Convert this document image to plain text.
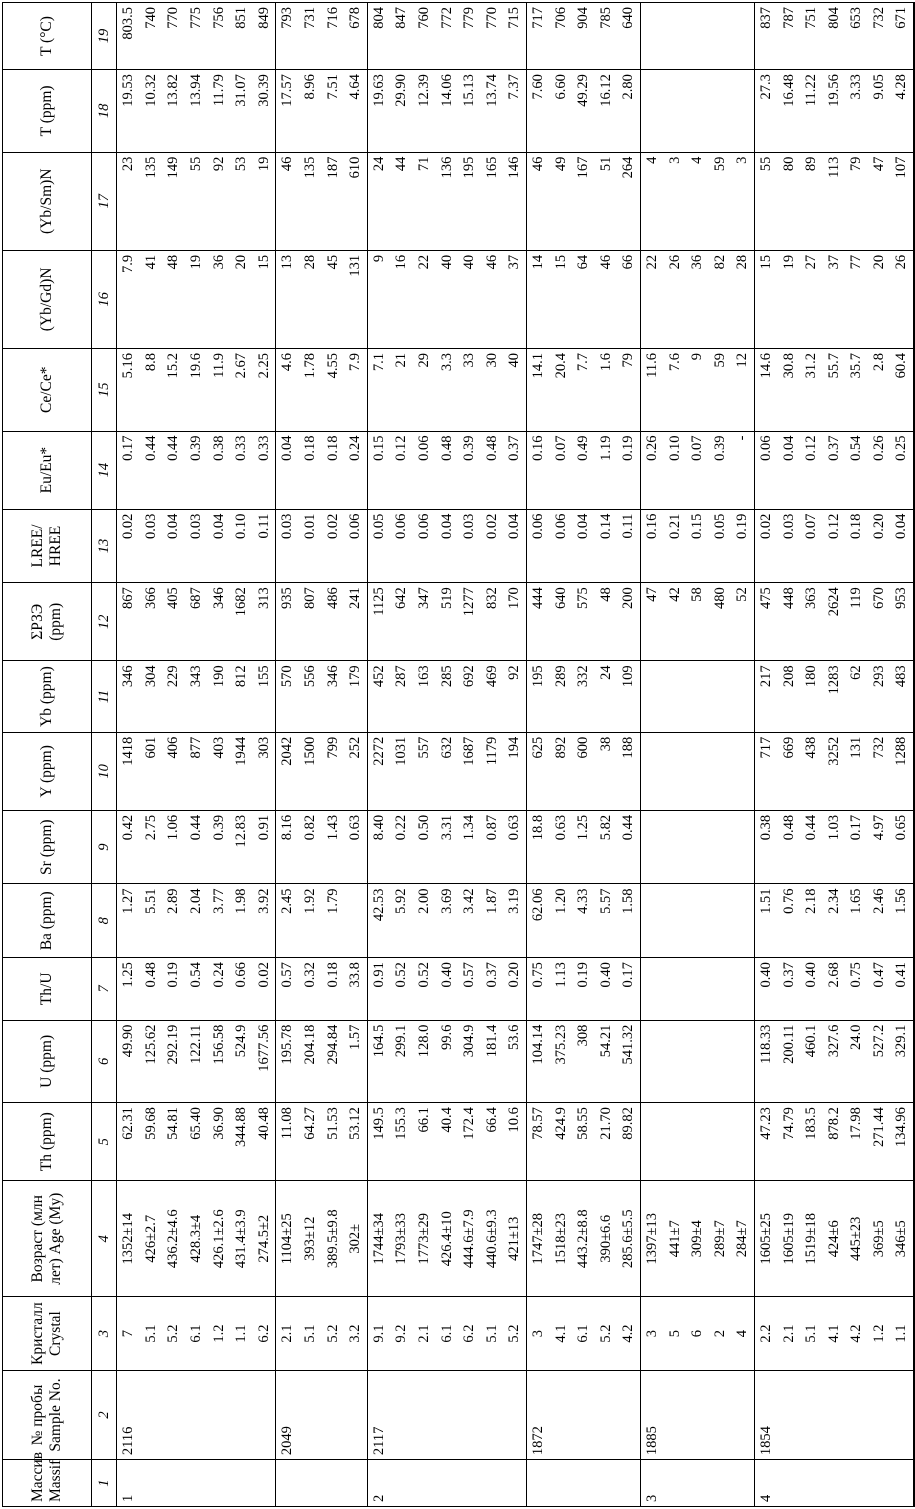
Массив Massif	№ пробы Sample No.	Кристалл Crystal	Возраст (млн лет) Age (My)	Th (ppm)	U (ppm)	Th/U	Ba (ppm)	Sr (ppm)	Y (ppm)	Yb (ppm)	ΣРЗЭ (ppm)	LREE/ HREE	Eu/Eu*	Ce/Ce*	(Yb/Gd)N	(Yb/Sm)N	T (ppm)	T (°C)
1	2	3	4	5	6	7	8	9	10	11	12	13	14	15	16	17	18	19
1	2116	7	1352±14	62.31	49.90	1.25	1.27	0.42	1418	346	867	0.02	0.17	5.16	7.9	23	19.53	803.5
		5.1	426±2.7	59.68	125.62	0.48	5.51	2.75	601	304	366	0.03	0.44	8.8	41	135	10.32	740
		5.2	436.2±4.6	54.81	292.19	0.19	2.89	1.06	406	229	405	0.04	0.44	15.2	48	149	13.82	770
		6.1	428.3±4	65.40	122.11	0.54	2.04	0.44	877	343	687	0.03	0.39	19.6	19	55	13.94	775
		1.2	426.1±2.6	36.90	156.58	0.24	3.77	0.39	403	190	346	0.04	0.38	11.9	36	92	11.79	756
		1.1	431.4±3.9	344.88	524.9	0.66	1.98	12.83	1944	812	1682	0.10	0.33	2.67	20	53	31.07	851
		6.2	274.5±2	40.48	1677.56	0.02	3.92	0.91	303	155	313	0.11	0.33	2.25	15	19	30.39	849
	2049	2.1	1104±25	11.08	195.78	0.57	2.45	8.16	2042	570	935	0.03	0.04	4.6	13	46	17.57	793
		5.1	393±12	64.27	204.18	0.32	1.92	0.82	1500	556	807	0.01	0.18	1.78	28	135	8.96	731
		5.2	389.5±9.8	51.53	294.84	0.18	1.79	1.43	799	346	486	0.02	0.18	4.55	45	187	7.51	716
		3.2	302±	53.12	1.57	33.8		0.63	252	179	241	0.06	0.24	7.9	131	610	4.64	678
2	2117	9.1	1744±34	149.5	164.5	0.91	42.53	8.40	2272	452	1125	0.05	0.15	7.1	9	24	19.63	804
		9.2	1793±33	155.3	299.1	0.52	5.92	0.22	1031	287	642	0.06	0.12	21	16	44	29.90	847
		2.1	1773±29	66.1	128.0	0.52	2.00	0.50	557	163	347	0.06	0.06	29	22	71	12.39	760
		6.1	426.4±10	40.4	99.6	0.40	3.69	3.31	632	285	519	0.04	0.48	3.3	40	136	14.06	772
		6.2	444.6±7.9	172.4	304.9	0.57	3.42	1.34	1687	692	1277	0.03	0.39	33	40	195	15.13	779
		5.1	440.6±9.3	66.4	181.4	0.37	1.87	0.87	1179	469	832	0.02	0.48	30	46	165	13.74	770
		5.2	421±13	10.6	53.6	0.20	3.19	0.63	194	92	170	0.04	0.37	40	37	146	7.37	715
	1872	3	1747±28	78.57	104.14	0.75	62.06	18.8	625	195	444	0.06	0.16	14.1	14	46	7.60	717
		4.1	1518±23	424.9	375.23	1.13	1.20	0.63	892	289	640	0.06	0.07	20.4	15	49	6.60	706
		6.1	443.2±8.8	58.55	308	0.19	4.33	1.25	600	332	575	0.04	0.49	7.7	64	167	49.29	904
		5.2	390±6.6	21.70	54.21	0.40	5.57	5.82	38	24	48	0.14	1.19	1.6	46	51	16.12	785
		4.2	285.6±5.5	89.82	541.32	0.17	1.58	0.44	188	109	200	0.11	0.19	79	66	264	2.80	640
3	1885	3	1397±13								47	0.16	0.26	11.6	22	4		
		5	441±7								42	0.21	0.10	7.6	26	3		
		6	309±4								58	0.15	0.07	9	36	4		
		2	289±7								480	0.05	0.39	59	82	59		
		4	284±7								52	0.19	-	12	28	3		
4	1854	2.2	1605±25	47.23	118.33	0.40	1.51	0.38	717	217	475	0.02	0.06	14.6	15	55	27.3	837
		2.1	1605±19	74.79	200.11	0.37	0.76	0.48	669	208	448	0.03	0.04	30.8	19	80	16.48	787
		5.1	1519±18	183.5	460.1	0.40	2.18	0.44	438	180	363	0.07	0.12	31.2	27	89	11.22	751
		4.1	424±6	878.2	327.6	2.68	2.34	1.03	3252	1283	2624	0.12	0.37	55.7	37	113	19.56	804
		4.2	445±23	17.98	24.0	0.75	1.65	0.17	131	62	119	0.18	0.54	35.7	77	79	3.33	653
		1.2	369±5	271.44	527.2	0.47	2.46	4.97	732	293	670	0.20	0.26	2.8	20	47	9.05	732
		1.1	346±5	134.96	329.1	0.41	1.56	0.65	1288	483	953	0.04	0.25	60.4	26	107	4.28	671
